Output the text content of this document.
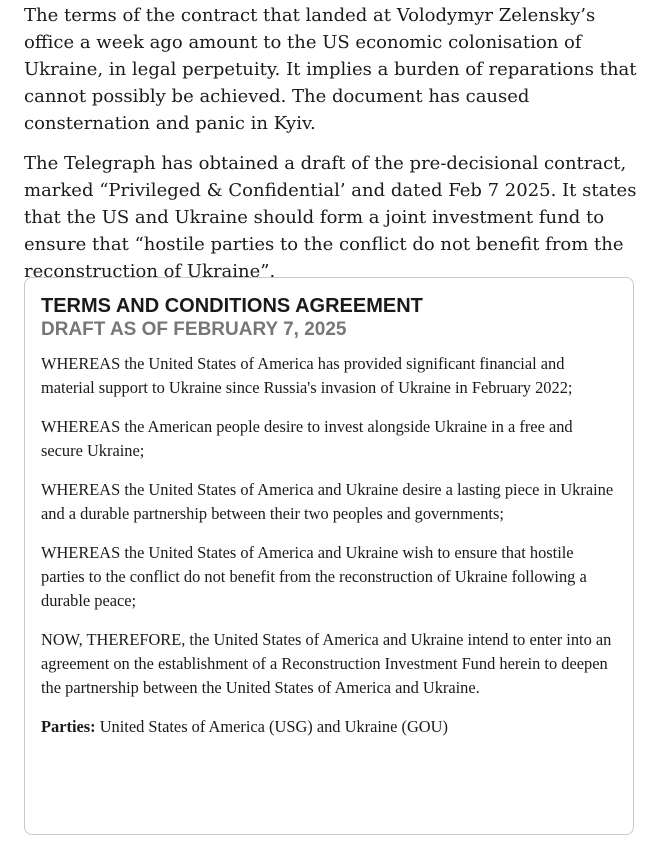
The terms of the contract that landed at Volodymyr Zelensky’s office a week ago amount to the US economic colonisation of Ukraine, in legal perpetuity. It implies a burden of reparations that cannot possibly be achieved. The document has caused consternation and panic in Kyiv.

The Telegraph has obtained a draft of the pre-decisional contract, marked “Privileged & Confidential’ and dated Feb 7 2025. It states that the US and Ukraine should form a joint investment fund to ensure that “hostile parties to the conflict do not benefit from the reconstruction of Ukraine”.

TERMS AND CONDITIONS AGREEMENT
DRAFT AS OF FEBRUARY 7, 2025

WHEREAS the United States of America has provided significant financial and material support to Ukraine since Russia's invasion of Ukraine in February 2022;

WHEREAS the American people desire to invest alongside Ukraine in a free and secure Ukraine;

WHEREAS the United States of America and Ukraine desire a lasting piece in Ukraine and a durable partnership between their two peoples and governments;

WHEREAS the United States of America and Ukraine wish to ensure that hostile parties to the conflict do not benefit from the reconstruction of Ukraine following a durable peace;

NOW, THEREFORE, the United States of America and Ukraine intend to enter into an agreement on the establishment of a Reconstruction Investment Fund herein to deepen the partnership between the United States of America and Ukraine.

Parties: United States of America (USG) and Ukraine (GOU)
